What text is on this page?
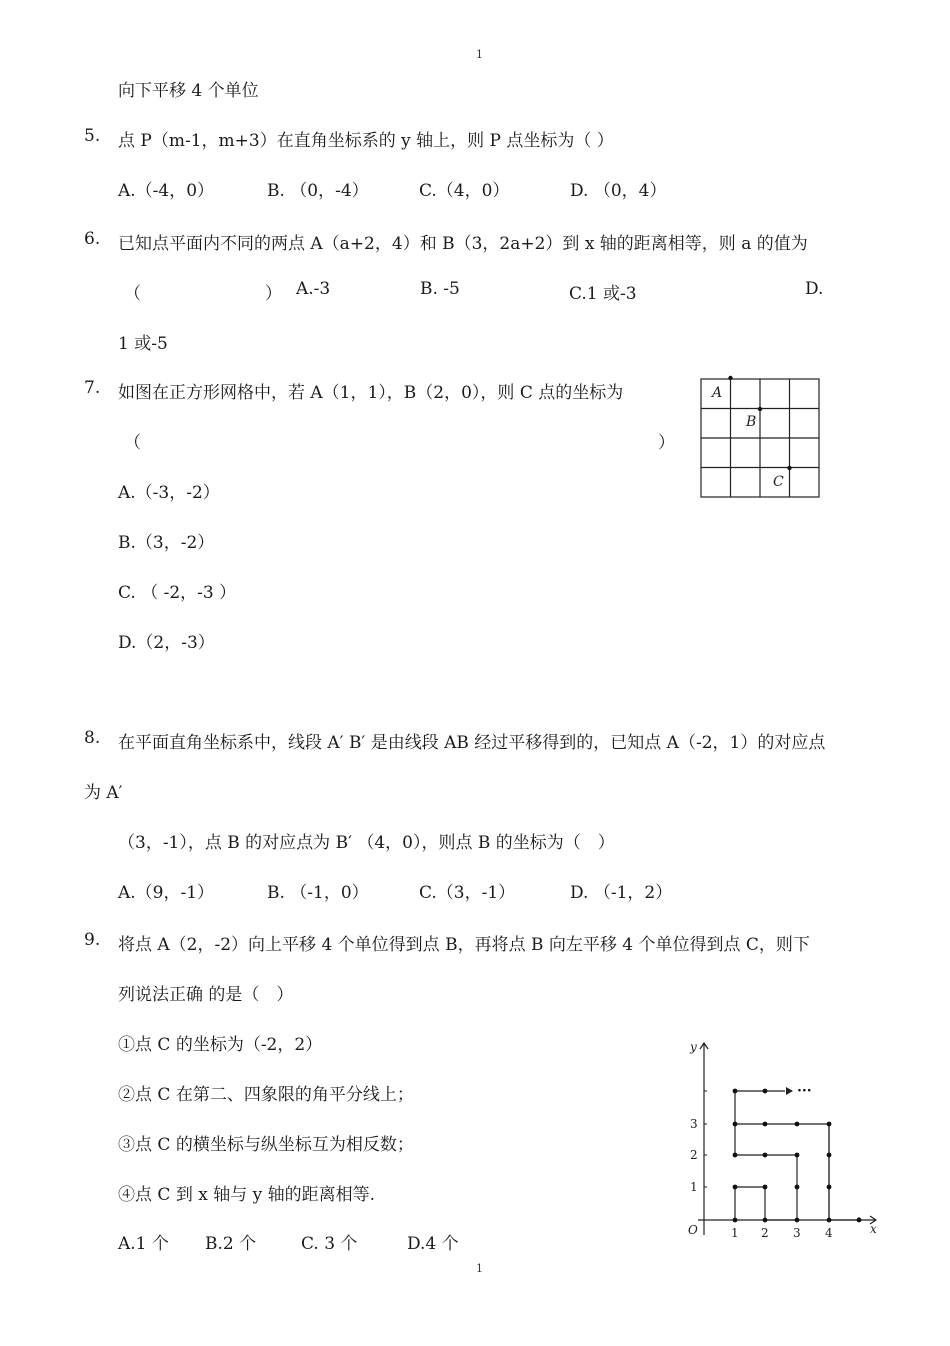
1
向下平移 4 个单位
5. 点 P（m-1，m+3）在直角坐标系的 y 轴上，则 P 点坐标为（ ）
A.（-4，0）	B. （0，-4）	C.（4，0）	D. （0，4）
6. 已知点平面内不同的两点 A（a+2，4）和 B（3，2a+2）到 x 轴的距离相等，则 a 的值为
（	） A.-3	B. -5	C.1 或-3	D.
1 或-5
7. 如图在正方形网格中，若 A（1，1），B（2，0），则 C 点的坐标为
（	）
A.（-3，-2）
B.（3，-2）
C. （ -2，-3 ）
D.（2，-3）
A
B
C
8. 在平面直角坐标系中，线段 A′ B′ 是由线段 AB 经过平移得到的，已知点 A（-2，1）的对应点
为 A′
（3，-1），点 B 的对应点为 B′ （4，0），则点 B 的坐标为（　）
A.（9，-1）	B. （-1，0）	C.（3，-1）	D. （-1，2）
9. 将点 A（2，-2）向上平移 4 个单位得到点 B，再将点 B 向左平移 4 个单位得到点 C，则下
列说法正确 的是（　）
①点 C 的坐标为（-2，2）
②点 C 在第二、四象限的角平分线上；
③点 C 的横坐标与纵坐标互为相反数；
④点 C 到 x 轴与 y 轴的距离相等.
A.1 个 B.2 个	C. 3 个	D.4 个
···
y
x
O	1 2 3 4
1
2
3
1
